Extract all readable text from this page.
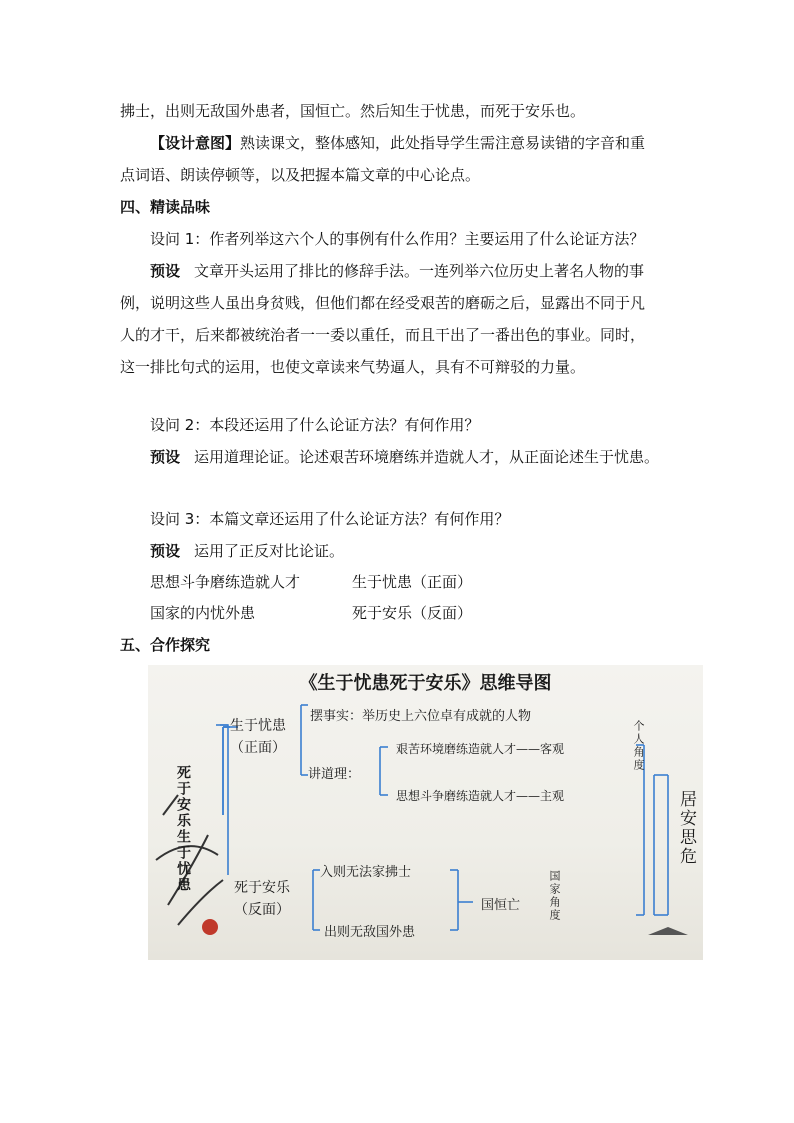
拂士，出则无敌国外患者，国恒亡。然后知生于忧患，而死于安乐也。
【设计意图】熟读课文，整体感知，此处指导学生需注意易读错的字音和重
点词语、朗读停顿等，以及把握本篇文章的中心论点。
四、精读品味
设问 1：作者列举这六个人的事例有什么作用？主要运用了什么论证方法？
预设 文章开头运用了排比的修辞手法。一连列举六位历史上著名人物的事
例，说明这些人虽出身贫贱，但他们都在经受艰苦的磨砺之后，显露出不同于凡
人的才干，后来都被统治者一一委以重任，而且干出了一番出色的事业。同时，
这一排比句式的运用，也使文章读来气势逼人，具有不可辩驳的力量。
设问 2：本段还运用了什么论证方法？有何作用？
预设 运用道理论证。论述艰苦环境磨练并造就人才，从正面论述生于忧患。
设问 3：本篇文章还运用了什么论证方法？有何作用？
预设 运用了正反对比论证。
思想斗争磨练造就人才	生于忧患（正面）
国家的内忧外患	死于安乐（反面）
五、合作探究
《生于忧患死于安乐》思维导图
死于安乐生于忧患
生于忧患
（正面）
摆事实：举历史上六位卓有成就的人物
讲道理：
艰苦环境磨练造就人才——客观
思想斗争磨练造就人才——主观
个人角度
居安思危
死于安乐
（反面）
入则无法家拂士
出则无敌国外患
国恒亡	国家角度
